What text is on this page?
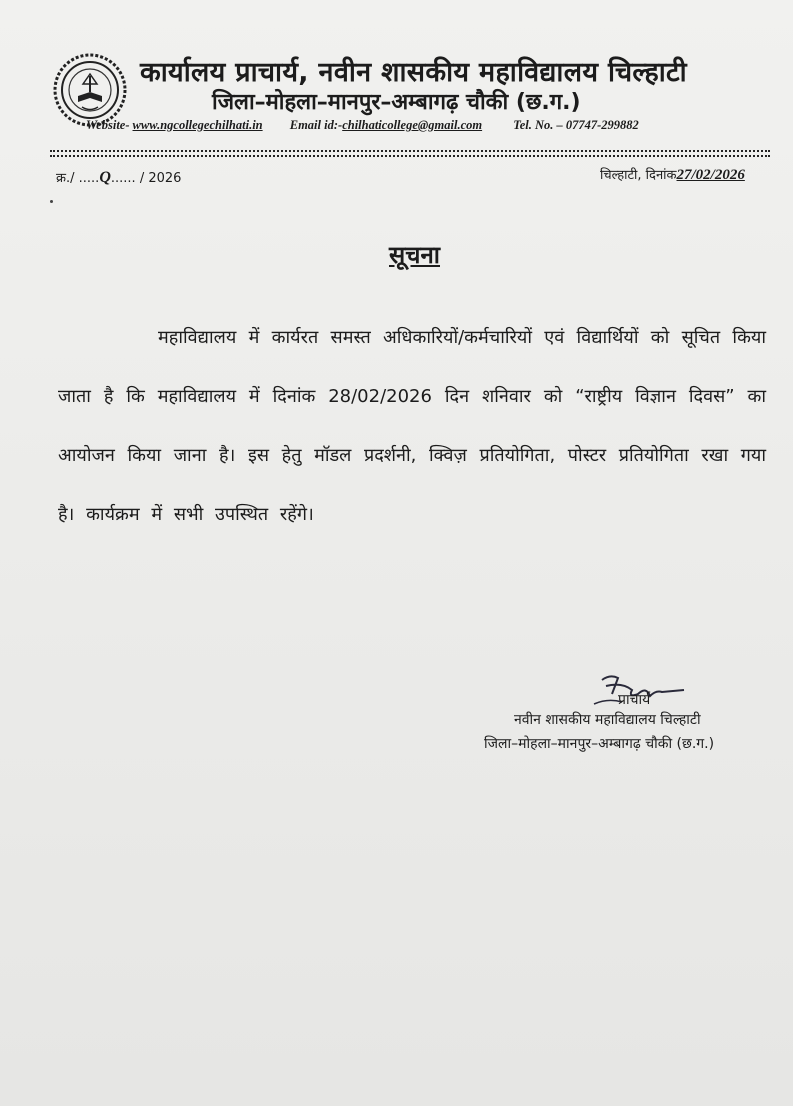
कार्यालय प्राचार्य, नवीन शासकीय महाविद्यालय चिल्हाटी
जिला–मोहला–मानपुर–अम्बागढ़ चौकी (छ.ग.)
Website- www.ngcollegechilhati.in Email id:-chilhaticollege@gmail.com Tel. No. – 07747-299882
क्र./ .....Q...... / 2026	चिल्हाटी, दिनांक27/02/2026
सूचना
महाविद्यालय में कार्यरत समस्त अधिकारियों/कर्मचारियों एवं विद्यार्थियों को सूचित किया जाता है कि महाविद्यालय में दिनांक 28/02/2026 दिन शनिवार को “राष्ट्रीय विज्ञान दिवस” का आयोजन किया जाना है। इस हेतु मॉडल प्रदर्शनी, क्विज़ प्रतियोगिता, पोस्टर प्रतियोगिता रखा गया है। कार्यक्रम में सभी उपस्थित रहेंगे।
प्राचार्य
नवीन शासकीय महाविद्यालय चिल्हाटी
जिला–मोहला–मानपुर–अम्बागढ़ चौकी (छ.ग.)
